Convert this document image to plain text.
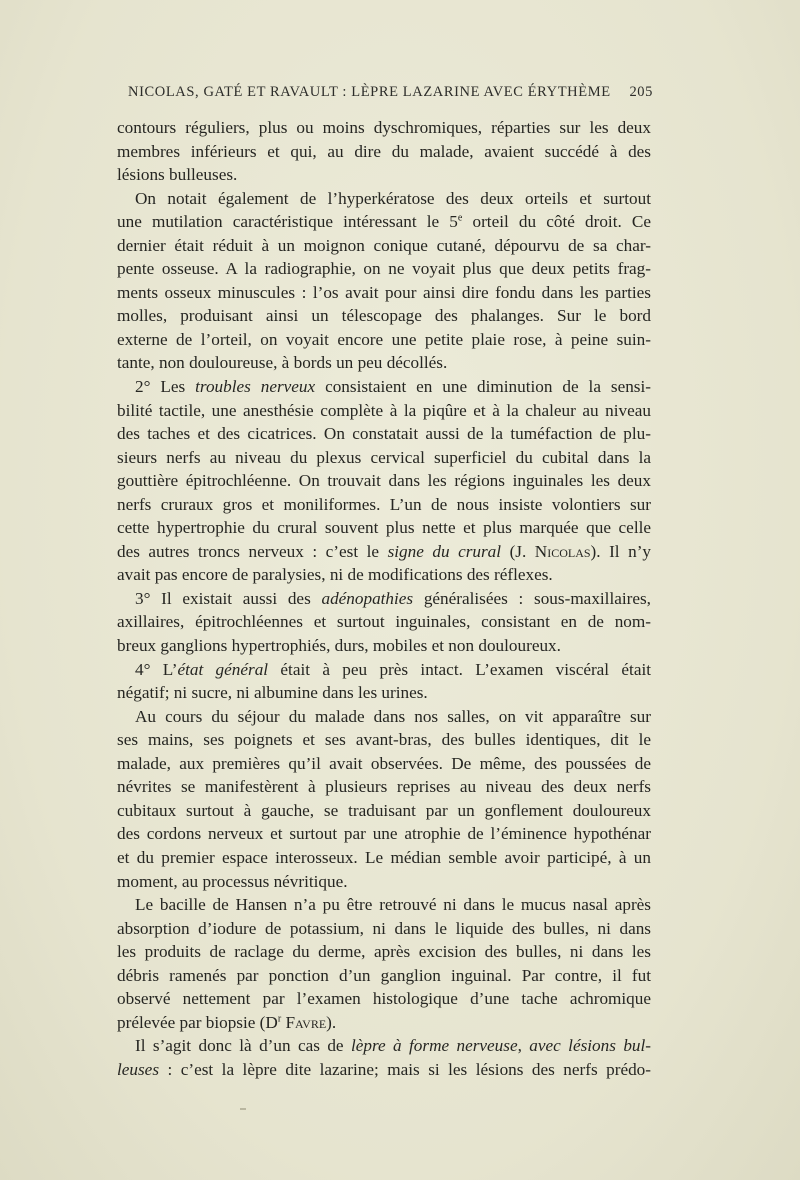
NICOLAS, GATÉ ET RAVAULT : LÈPRE LAZARINE AVEC ÉRYTHÈME 205
contours réguliers, plus ou moins dyschromiques, réparties sur les deux
membres inférieurs et qui, au dire du malade, avaient succédé à des
lésions bulleuses.
On notait également de l’hyperkératose des deux orteils et surtout
une mutilation caractéristique intéressant le 5e orteil du côté droit. Ce
dernier était réduit à un moignon conique cutané, dépourvu de sa char-
pente osseuse. A la radiographie, on ne voyait plus que deux petits frag-
ments osseux minuscules : l’os avait pour ainsi dire fondu dans les parties
molles, produisant ainsi un télescopage des phalanges. Sur le bord
externe de l’orteil, on voyait encore une petite plaie rose, à peine suin-
tante, non douloureuse, à bords un peu décollés.
2° Les troubles nerveux consistaient en une diminution de la sensi-
bilité tactile, une anesthésie complète à la piqûre et à la chaleur au niveau
des taches et des cicatrices. On constatait aussi de la tuméfaction de plu-
sieurs nerfs au niveau du plexus cervical superficiel du cubital dans la
gouttière épitrochléenne. On trouvait dans les régions inguinales les deux
nerfs cruraux gros et moniliformes. L’un de nous insiste volontiers sur
cette hypertrophie du crural souvent plus nette et plus marquée que celle
des autres troncs nerveux : c’est le signe du crural (J. Nicolas). Il n’y
avait pas encore de paralysies, ni de modifications des réflexes.
3° Il existait aussi des adénopathies généralisées : sous-maxillaires,
axillaires, épitrochléennes et surtout inguinales, consistant en de nom-
breux ganglions hypertrophiés, durs, mobiles et non douloureux.
4° L’état général était à peu près intact. L’examen viscéral était
négatif; ni sucre, ni albumine dans les urines.
Au cours du séjour du malade dans nos salles, on vit apparaître sur
ses mains, ses poignets et ses avant-bras, des bulles identiques, dit le
malade, aux premières qu’il avait observées. De même, des poussées de
névrites se manifestèrent à plusieurs reprises au niveau des deux nerfs
cubitaux surtout à gauche, se traduisant par un gonflement douloureux
des cordons nerveux et surtout par une atrophie de l’éminence hypothénar
et du premier espace interosseux. Le médian semble avoir participé, à un
moment, au processus névritique.
Le bacille de Hansen n’a pu être retrouvé ni dans le mucus nasal après
absorption d’iodure de potassium, ni dans le liquide des bulles, ni dans
les produits de raclage du derme, après excision des bulles, ni dans les
débris ramenés par ponction d’un ganglion inguinal. Par contre, il fut
observé nettement par l’examen histologique d’une tache achromique
prélevée par biopsie ($D^r$ Favre).
Il s’agit donc là d’un cas de lèpre à forme nerveuse, avec lésions bul-
leuses : c’est la lèpre dite lazarine; mais si les lésions des nerfs prédo-
